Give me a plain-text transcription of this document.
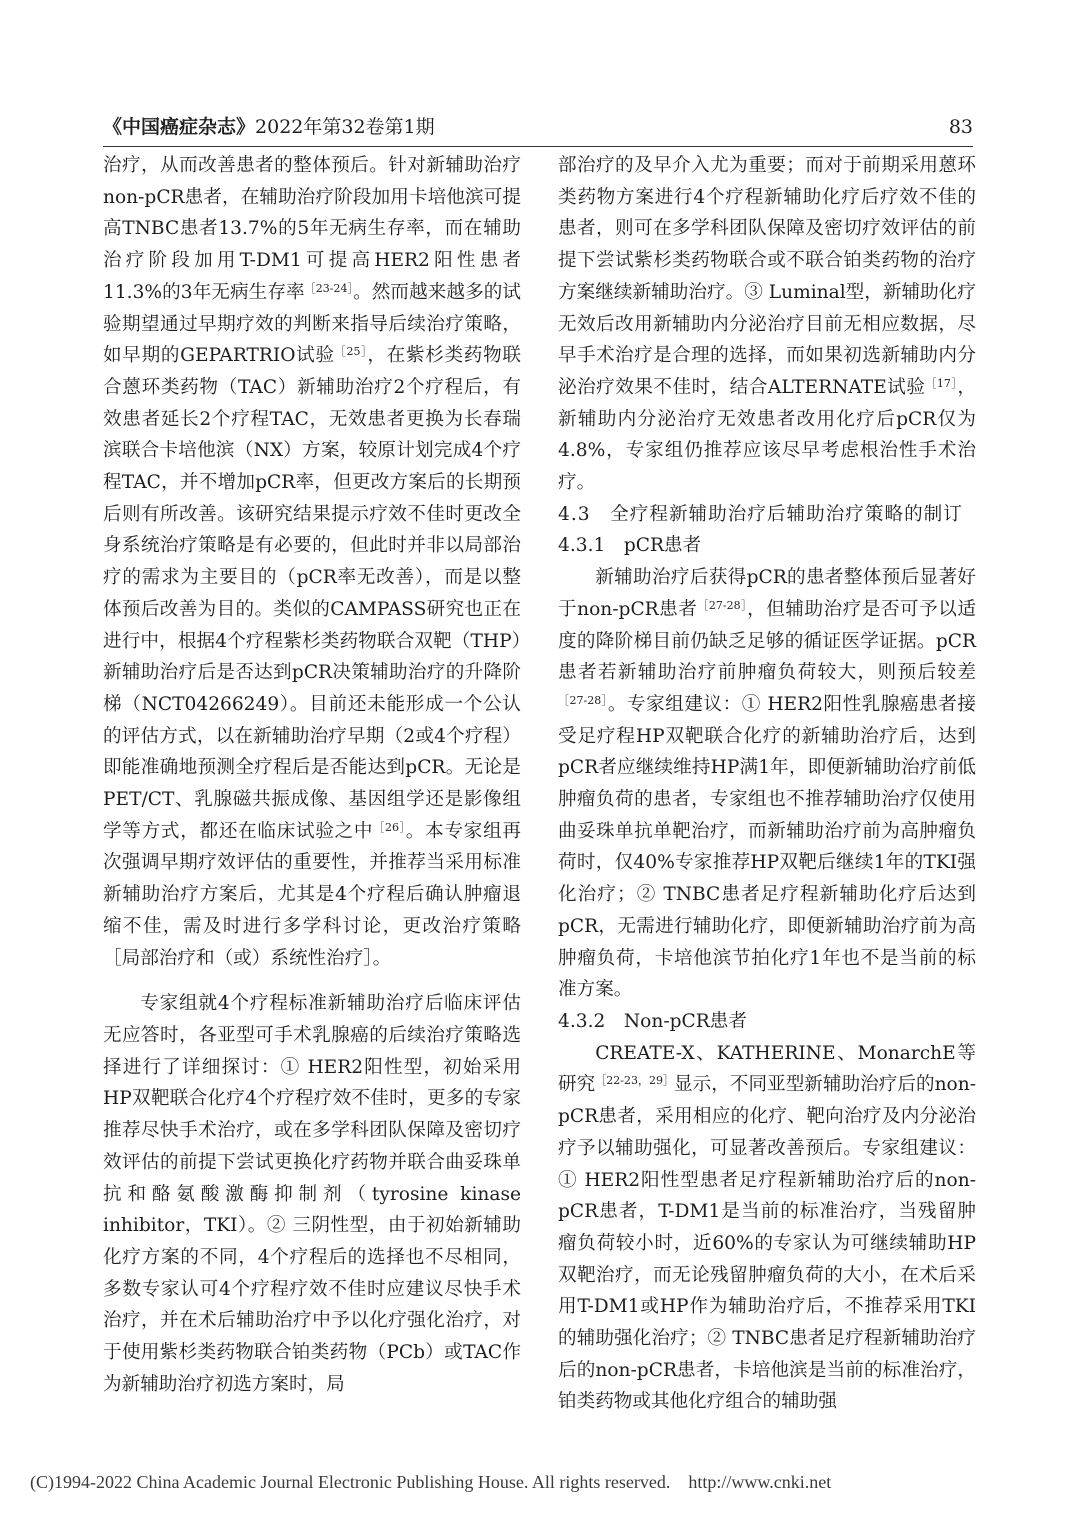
《中国癌症杂志》2022年第32卷第1期	83

治疗，从而改善患者的整体预后。针对新辅助治疗non-pCR患者，在辅助治疗阶段加用卡培他滨可提高TNBC患者13.7%的5年无病生存率，而在辅助治疗阶段加用T-DM1可提高HER2阳性患者11.3%的3年无病生存率$^{[23-24]}$。然而越来越多的试验期望通过早期疗效的判断来指导后续治疗策略，如早期的GEPARTRIO试验$^{[25]}$，在紫杉类药物联合蒽环类药物（TAC）新辅助治疗2个疗程后，有效患者延长2个疗程TAC，无效患者更换为长春瑞滨联合卡培他滨（NX）方案，较原计划完成4个疗程TAC，并不增加pCR率，但更改方案后的长期预后则有所改善。该研究结果提示疗效不佳时更改全身系统治疗策略是有必要的，但此时并非以局部治疗的需求为主要目的（pCR率无改善），而是以整体预后改善为目的。类似的CAMPASS研究也正在进行中，根据4个疗程紫杉类药物联合双靶（THP）新辅助治疗后是否达到pCR决策辅助治疗的升降阶梯（NCT04266249）。目前还未能形成一个公认的评估方式，以在新辅助治疗早期（2或4个疗程）即能准确地预测全疗程后是否能达到pCR。无论是PET/CT、乳腺磁共振成像、基因组学还是影像组学等方式，都还在临床试验之中$^{[26]}$。本专家组再次强调早期疗效评估的重要性，并推荐当采用标准新辅助治疗方案后，尤其是4个疗程后确认肿瘤退缩不佳，需及时进行多学科讨论，更改治疗策略［局部治疗和（或）系统性治疗］。

专家组就4个疗程标准新辅助治疗后临床评估无应答时，各亚型可手术乳腺癌的后续治疗策略选择进行了详细探讨：① HER2阳性型，初始采用HP双靶联合化疗4个疗程疗效不佳时，更多的专家推荐尽快手术治疗，或在多学科团队保障及密切疗效评估的前提下尝试更换化疗药物并联合曲妥珠单抗和酪氨酸激酶抑制剂（tyrosine kinase inhibitor，TKI）。② 三阴性型，由于初始新辅助化疗方案的不同，4个疗程后的选择也不尽相同，多数专家认可4个疗程疗效不佳时应建议尽快手术治疗，并在术后辅助治疗中予以化疗强化治疗，对于使用紫杉类药物联合铂类药物（PCb）或TAC作为新辅助治疗初选方案时，局

部治疗的及早介入尤为重要；而对于前期采用蒽环类药物方案进行4个疗程新辅助化疗后疗效不佳的患者，则可在多学科团队保障及密切疗效评估的前提下尝试紫杉类药物联合或不联合铂类药物的治疗方案继续新辅助治疗。③ Luminal型，新辅助化疗无效后改用新辅助内分泌治疗目前无相应数据，尽早手术治疗是合理的选择，而如果初选新辅助内分泌治疗效果不佳时，结合ALTERNATE试验$^{[17]}$，新辅助内分泌治疗无效患者改用化疗后pCR仅为4.8%，专家组仍推荐应该尽早考虑根治性手术治疗。

4.3　全疗程新辅助治疗后辅助治疗策略的制订

4.3.1　pCR患者

新辅助治疗后获得pCR的患者整体预后显著好于non-pCR患者$^{[27-28]}$，但辅助治疗是否可予以适度的降阶梯目前仍缺乏足够的循证医学证据。pCR患者若新辅助治疗前肿瘤负荷较大，则预后较差$^{[27-28]}$。专家组建议：① HER2阳性乳腺癌患者接受足疗程HP双靶联合化疗的新辅助治疗后，达到pCR者应继续维持HP满1年，即便新辅助治疗前低肿瘤负荷的患者，专家组也不推荐辅助治疗仅使用曲妥珠单抗单靶治疗，而新辅助治疗前为高肿瘤负荷时，仅40%专家推荐HP双靶后继续1年的TKI强化治疗；② TNBC患者足疗程新辅助化疗后达到pCR，无需进行辅助化疗，即便新辅助治疗前为高肿瘤负荷，卡培他滨节拍化疗1年也不是当前的标准方案。

4.3.2　Non-pCR患者

CREATE-X、KATHERINE、MonarchE等研究$^{[22-23,29]}$显示，不同亚型新辅助治疗后的non-pCR患者，采用相应的化疗、靶向治疗及内分泌治疗予以辅助强化，可显著改善预后。专家组建议：① HER2阳性型患者足疗程新辅助治疗后的non-pCR患者，T-DM1是当前的标准治疗，当残留肿瘤负荷较小时，近60%的专家认为可继续辅助HP双靶治疗，而无论残留肿瘤负荷的大小，在术后采用T-DM1或HP作为辅助治疗后，不推荐采用TKI的辅助强化治疗；② TNBC患者足疗程新辅助治疗后的non-pCR患者，卡培他滨是当前的标准治疗，铂类药物或其他化疗组合的辅助强

(C)1994-2022 China Academic Journal Electronic Publishing House. All rights reserved.    http://www.cnki.net
